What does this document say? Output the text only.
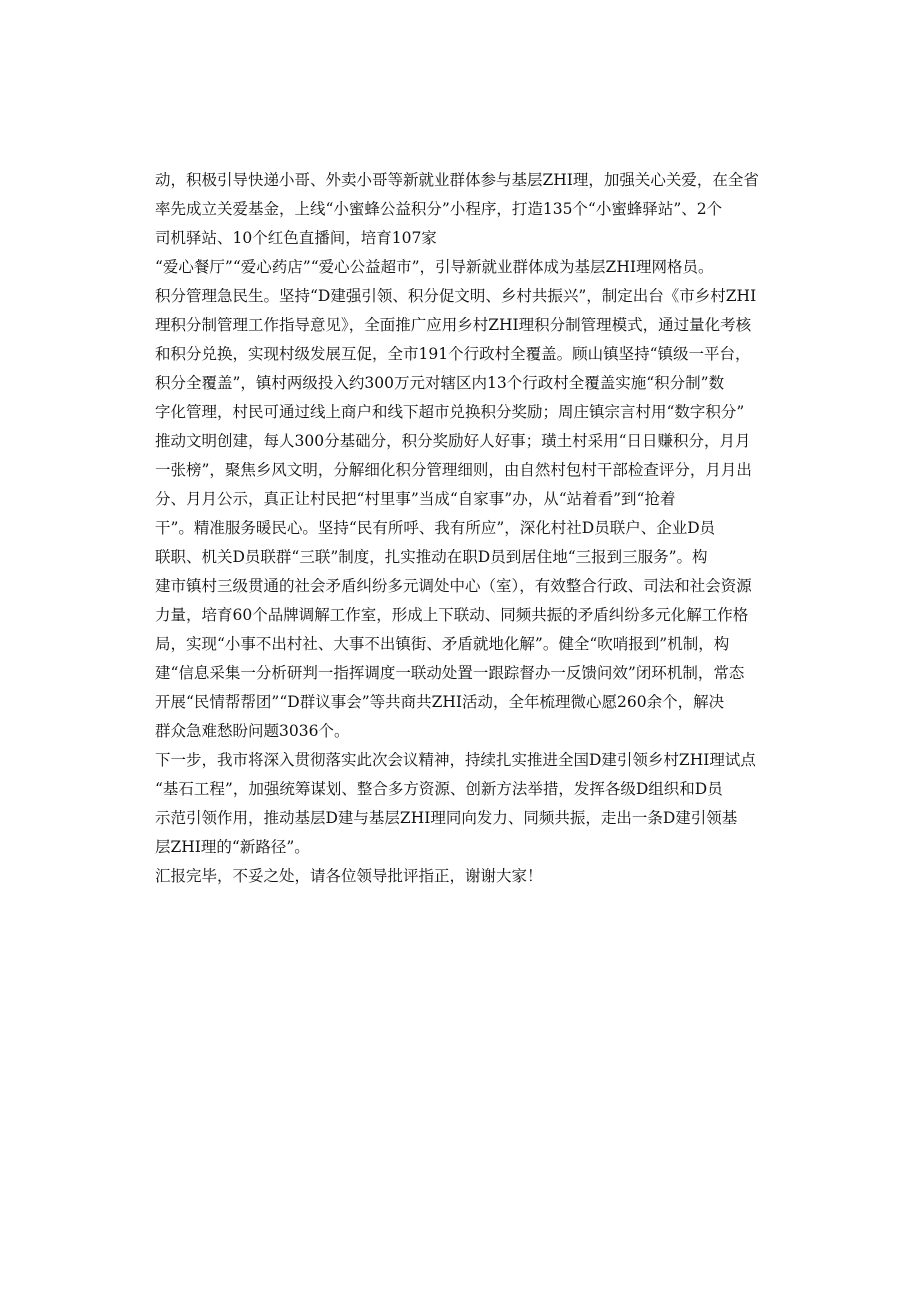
动，积极引导快递小哥、外卖小哥等新就业群体参与基层ZHI理，加强关心关爱，在全省
率先成立关爱基金，上线“小蜜蜂公益积分”小程序，打造135个“小蜜蜂驿站”、2个
司机驿站、10个红色直播间，培育107家

“爱心餐厅”“爱心药店”“爱心公益超市”，引导新就业群体成为基层ZHI理网格员。
积分管理急民生。坚持“D建强引领、积分促文明、乡村共振兴”，制定出台《市乡村ZHI
理积分制管理工作指导意见》，全面推广应用乡村ZHI理积分制管理模式，通过量化考核
和积分兑换，实现村级发展互促，全市191个行政村全覆盖。顾山镇坚持“镇级一平台，
积分全覆盖”，镇村两级投入约300万元对辖区内13个行政村全覆盖实施“积分制”数
字化管理，村民可通过线上商户和线下超市兑换积分奖励；周庄镇宗言村用“数字积分”
推动文明创建，每人300分基础分，积分奖励好人好事；璜土村采用“日日赚积分，月月
一张榜”，聚焦乡风文明，分解细化积分管理细则，由自然村包村干部检查评分，月月出
分、月月公示，真正让村民把“村里事”当成“自家事”办，从“站着看”到“抢着
干”。精准服务暖民心。坚持“民有所呼、我有所应”，深化村社D员联户、企业D员
联职、机关D员联群“三联”制度，扎实推动在职D员到居住地“三报到三服务”。构
建市镇村三级贯通的社会矛盾纠纷多元调处中心（室），有效整合行政、司法和社会资源
力量，培育60个品牌调解工作室，形成上下联动、同频共振的矛盾纠纷多元化解工作格
局，实现“小事不出村社、大事不出镇街、矛盾就地化解”。健全“吹哨报到”机制，构
建“信息采集一分析研判一指挥调度一联动处置一跟踪督办一反馈问效”闭环机制，常态
开展“民情帮帮团”“D群议事会”等共商共ZHI活动，全年梳理微心愿260余个，解决
群众急难愁盼问题3036个。

下一步，我市将深入贯彻落实此次会议精神，持续扎实推进全国D建引领乡村ZHI理试点
“基石工程”，加强统筹谋划、整合多方资源、创新方法举措，发挥各级D组织和D员
示范引领作用，推动基层D建与基层ZHI理同向发力、同频共振，走出一条D建引领基
层ZHI理的“新路径”。

汇报完毕，不妥之处，请各位领导批评指正，谢谢大家！
